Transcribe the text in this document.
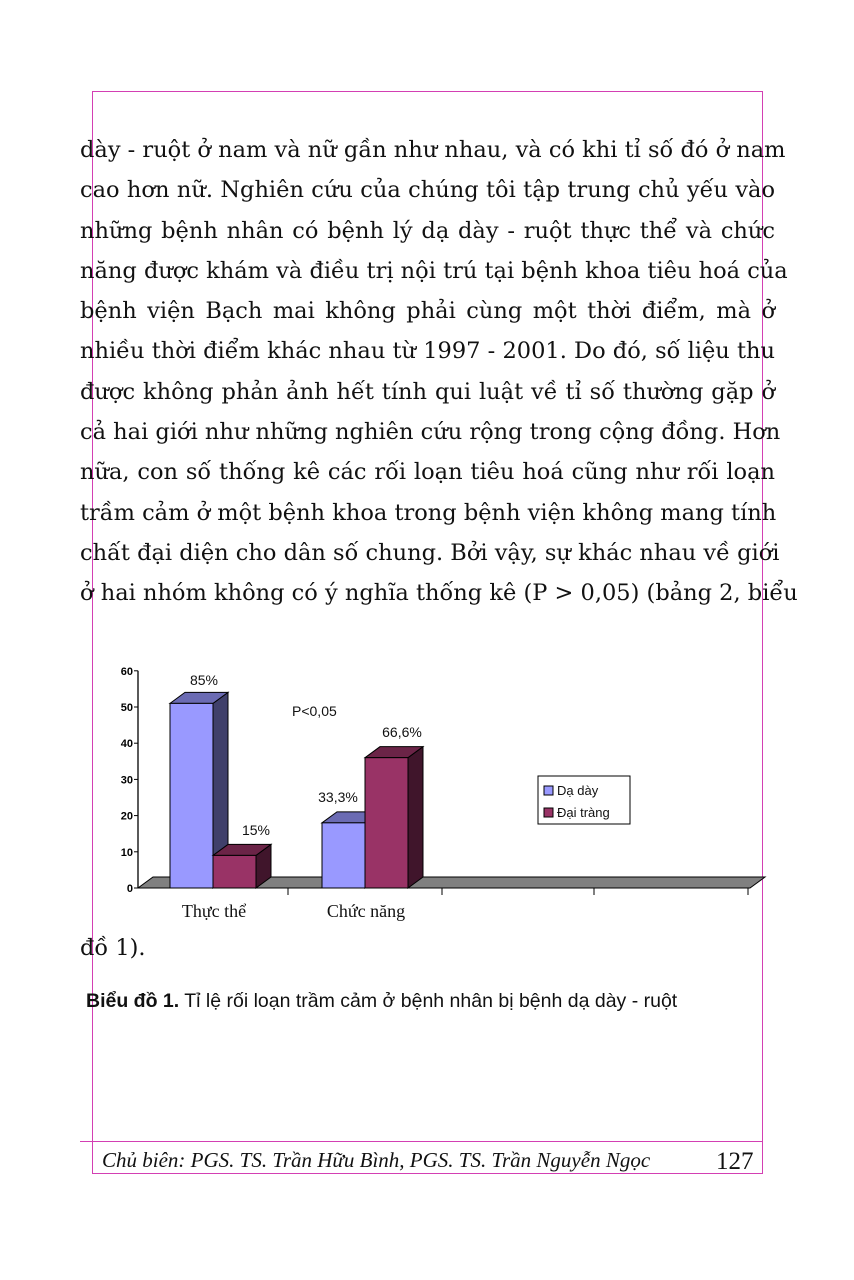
dày - ruột ở nam và nữ gần như nhau, và có khi tỉ số đó ở nam
cao hơn nữ. Nghiên cứu của chúng tôi tập trung chủ yếu vào
những bệnh nhân có bệnh lý dạ dày - ruột thực thể và chức
năng được khám và điều trị nội trú tại bệnh khoa tiêu hoá của
bệnh viện Bạch mai không phải cùng một thời điểm, mà ở
nhiều thời điểm khác nhau từ 1997 - 2001. Do đó, số liệu thu
được không phản ảnh hết tính qui luật về tỉ số thường gặp ở
cả hai giới như những nghiên cứu rộng trong cộng đồng. Hơn
nữa, con số thống kê các rối loạn tiêu hoá cũng như rối loạn
trầm cảm ở một bệnh khoa trong bệnh viện không mang tính
chất đại diện cho dân số chung. Bởi vậy, sự khác nhau về giới
ở hai nhóm không có ý nghĩa thống kê (P > 0,05) (bảng 2, biểu
0
10
20
30
40
50
60
85%
15%
33,3%
66,6%
P<0,05
Dạ dày
Đại tràng
Thực thể	Chức năng
đồ 1).
Biểu đồ 1. Tỉ lệ rối loạn trầm cảm ở bệnh nhân bị bệnh dạ dày - ruột
Chủ biên: PGS. TS. Trần Hữu Bình, PGS. TS. Trần Nguyễn Ngọc	127
